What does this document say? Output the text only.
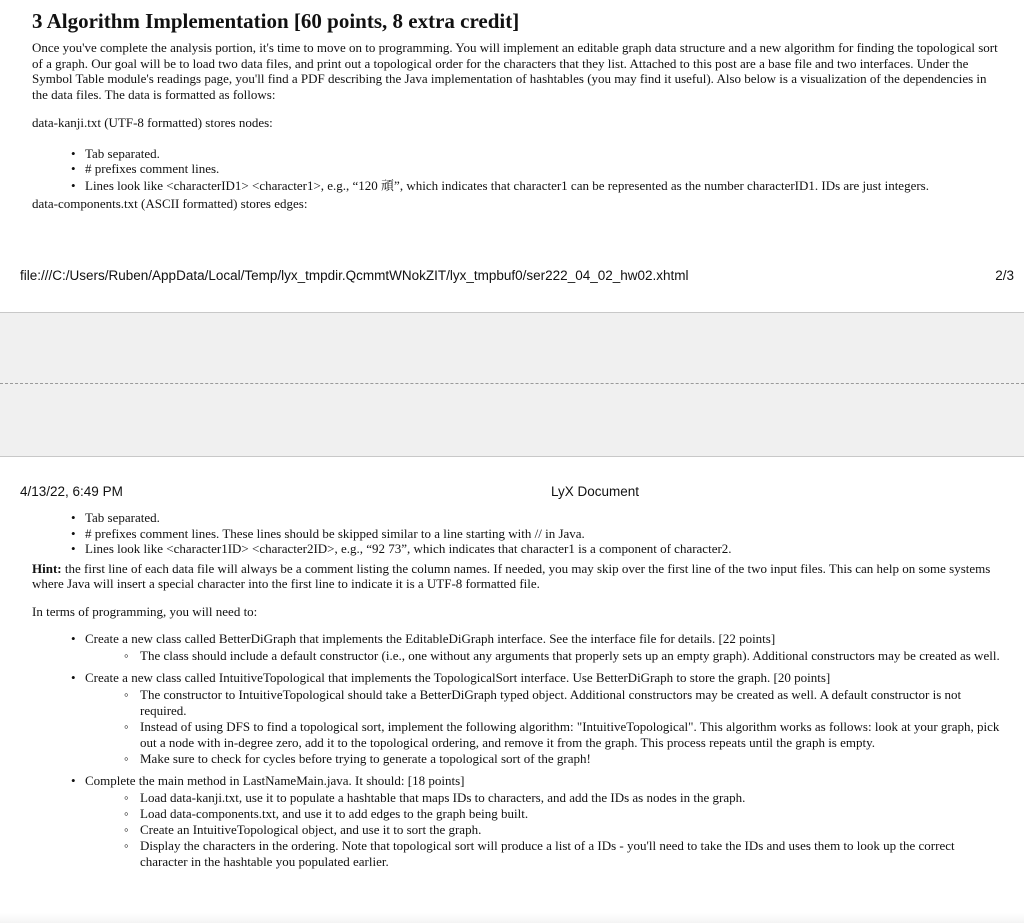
3 Algorithm Implementation [60 points, 8 extra credit]

Once you've complete the analysis portion, it's time to move on to programming. You will implement an editable graph data structure and a new algorithm for finding the topological sort of a graph. Our goal will be to load two data files, and print out a topological order for the characters that they list. Attached to this post are a base file and two interfaces. Under the Symbol Table module's readings page, you'll find a PDF describing the Java implementation of hashtables (you may find it useful). Also below is a visualization of the dependencies in the data files. The data is formatted as follows:

data-kanji.txt (UTF-8 formatted) stores nodes:

• Tab separated.
• # prefixes comment lines.
• Lines look like <characterID1> <character1>, e.g., “120 頑”, which indicates that character1 can be represented as the number characterID1. IDs are just integers.

data-components.txt (ASCII formatted) stores edges:

file:///C:/Users/Ruben/AppData/Local/Temp/lyx_tmpdir.QcmmtWNokZIT/lyx_tmpbuf0/ser222_04_02_hw02.xhtml	2/3
4/13/22, 6:49 PM	LyX Document
• Tab separated.
• # prefixes comment lines. These lines should be skipped similar to a line starting with // in Java.
• Lines look like <character1ID> <character2ID>, e.g., “92 73”, which indicates that character1 is a component of character2.

Hint: the first line of each data file will always be a comment listing the column names. If needed, you may skip over the first line of the two input files. This can help on some systems where Java will insert a special character into the first line to indicate it is a UTF-8 formatted file.

In terms of programming, you will need to:

• Create a new class called BetterDiGraph that implements the EditableDiGraph interface. See the interface file for details. [22 points]
◦ The class should include a default constructor (i.e., one without any arguments that properly sets up an empty graph). Additional constructors may be created as well.
• Create a new class called IntuitiveTopological that implements the TopologicalSort interface. Use BetterDiGraph to store the graph. [20 points]
◦ The constructor to IntuitiveTopological should take a BetterDiGraph typed object. Additional constructors may be created as well. A default constructor is not required.
◦ Instead of using DFS to find a topological sort, implement the following algorithm: "IntuitiveTopological". This algorithm works as follows: look at your graph, pick out a node with in-degree zero, add it to the topological ordering, and remove it from the graph. This process repeats until the graph is empty.
◦ Make sure to check for cycles before trying to generate a topological sort of the graph!
• Complete the main method in LastNameMain.java. It should: [18 points]
◦ Load data-kanji.txt, use it to populate a hashtable that maps IDs to characters, and add the IDs as nodes in the graph.
◦ Load data-components.txt, and use it to add edges to the graph being built.
◦ Create an IntuitiveTopological object, and use it to sort the graph.
◦ Display the characters in the ordering. Note that topological sort will produce a list of a IDs - you'll need to take the IDs and uses them to look up the correct character in the hashtable you populated earlier.
